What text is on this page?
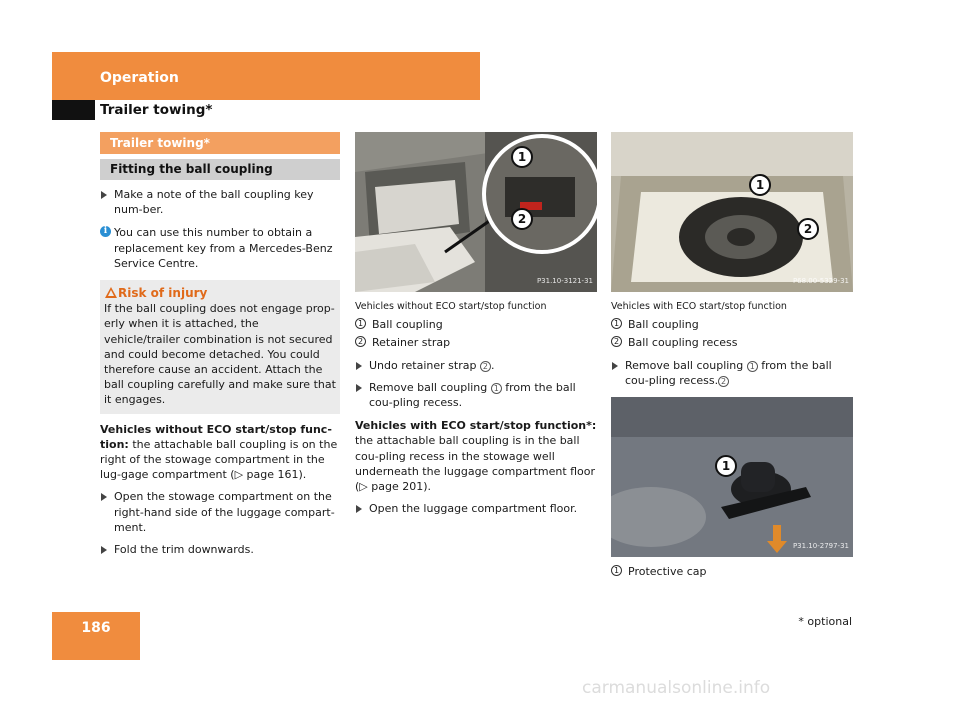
Operation
Trailer towing*
Trailer towing*
Fitting the ball coupling
Make a note of the ball coupling key num-ber.
i You can use this number to obtain a replacement key from a Mercedes-Benz Service Centre.
Risk of injury
If the ball coupling does not engage prop-erly when it is attached, the vehicle/trailer combination is not secured and could become detached. You could therefore cause an accident. Attach the ball coupling carefully and make sure that it engages.
Vehicles without ECO start/stop func-tion: the attachable ball coupling is on the right of the stowage compartment in the lug-gage compartment (▷ page 161).
Open the stowage compartment on the right-hand side of the luggage compart-ment.
Fold the trim downwards.
1
2
P31.10-3121-31
Vehicles without ECO start/stop function
1 Ball coupling
2 Retainer strap
Undo retainer strap 2 .
Remove ball coupling 1 from the ball cou-pling recess.
Vehicles with ECO start/stop function*: the attachable ball coupling is in the ball cou-pling recess in the stowage well underneath the luggage compartment floor (▷ page 201).
Open the luggage compartment floor.
1
2
P68.00-5329-31
Vehicles with ECO start/stop function
1 Ball coupling
2 Ball coupling recess
Remove ball coupling 1 from the ball cou-pling recess. 2
1
P31.10-2797-31
1 Protective cap
186	* optional
carmanualsonline.info
